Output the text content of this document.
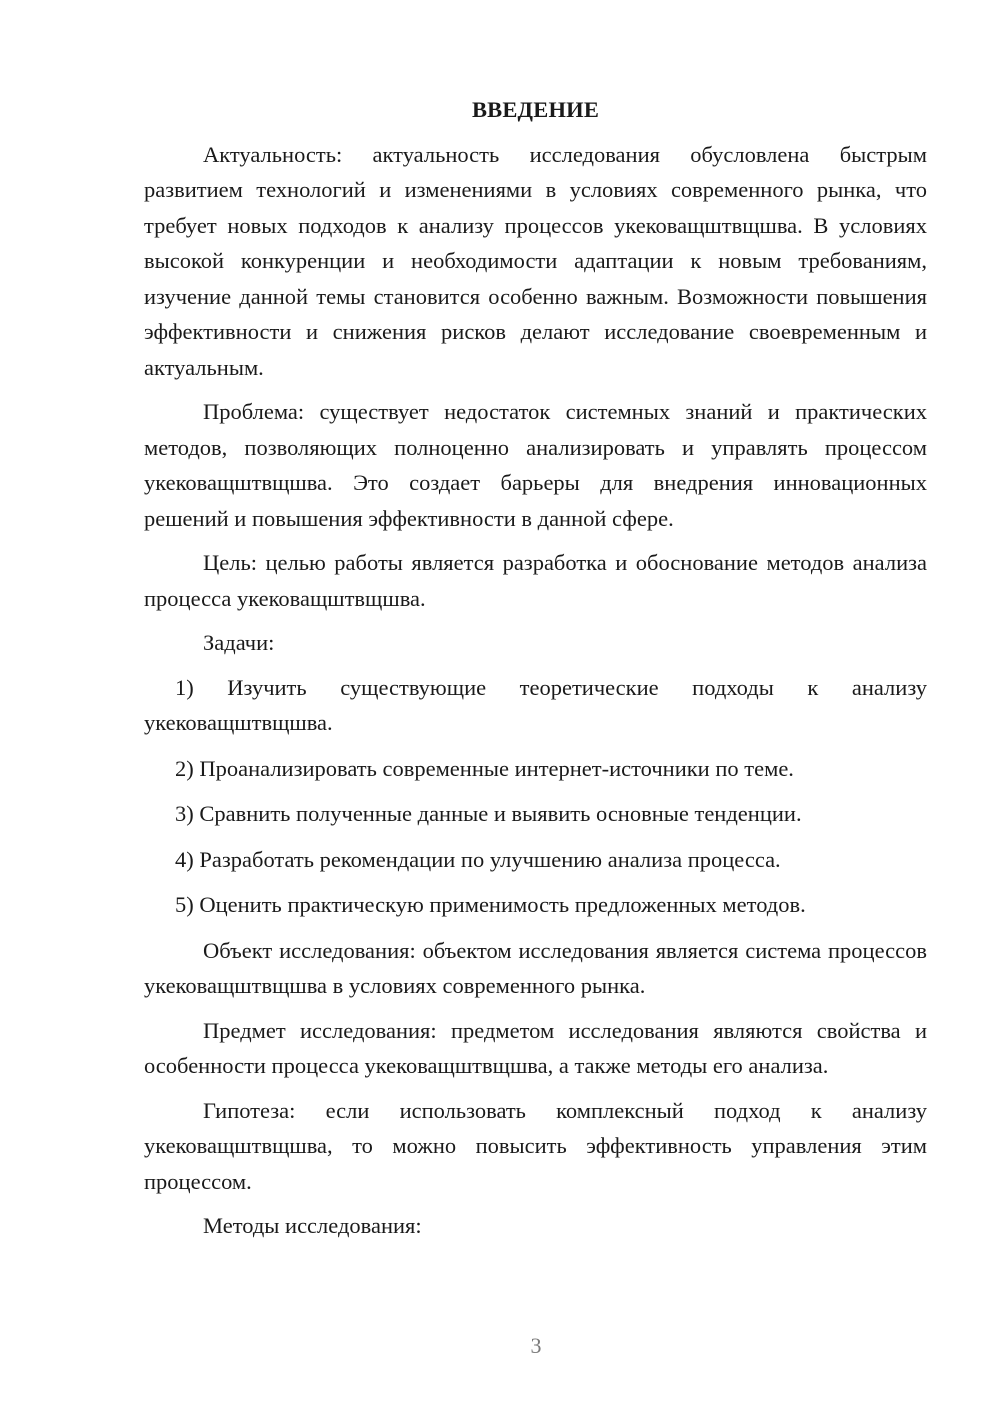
ВВЕДЕНИЕ

Актуальность: актуальность исследования обусловлена быстрым развитием технологий и изменениями в условиях современного рынка, что требует новых подходов к анализу процессов укековащштвщшва. В условиях высокой конкуренции и необходимости адаптации к новым требованиям, изучение данной темы становится особенно важным. Возможности повышения эффективности и снижения рисков делают исследование своевременным и актуальным.

Проблема: существует недостаток системных знаний и практических методов, позволяющих полноценно анализировать и управлять процессом укековащштвщшва. Это создает барьеры для внедрения инновационных решений и повышения эффективности в данной сфере.

Цель: целью работы является разработка и обоснование методов анализа процесса укековащштвщшва.

Задачи:

1) Изучить существующие теоретические подходы к анализу укековащштвщшва.

2) Проанализировать современные интернет-источники по теме.

3) Сравнить полученные данные и выявить основные тенденции.

4) Разработать рекомендации по улучшению анализа процесса.

5) Оценить практическую применимость предложенных методов.

Объект исследования: объектом исследования является система процессов укековащштвщшва в условиях современного рынка.

Предмет исследования: предметом исследования являются свойства и особенности процесса укековащштвщшва, а также методы его анализа.

Гипотеза: если использовать комплексный подход к анализу укековащштвщшва, то можно повысить эффективность управления этим процессом.

Методы исследования:

3
